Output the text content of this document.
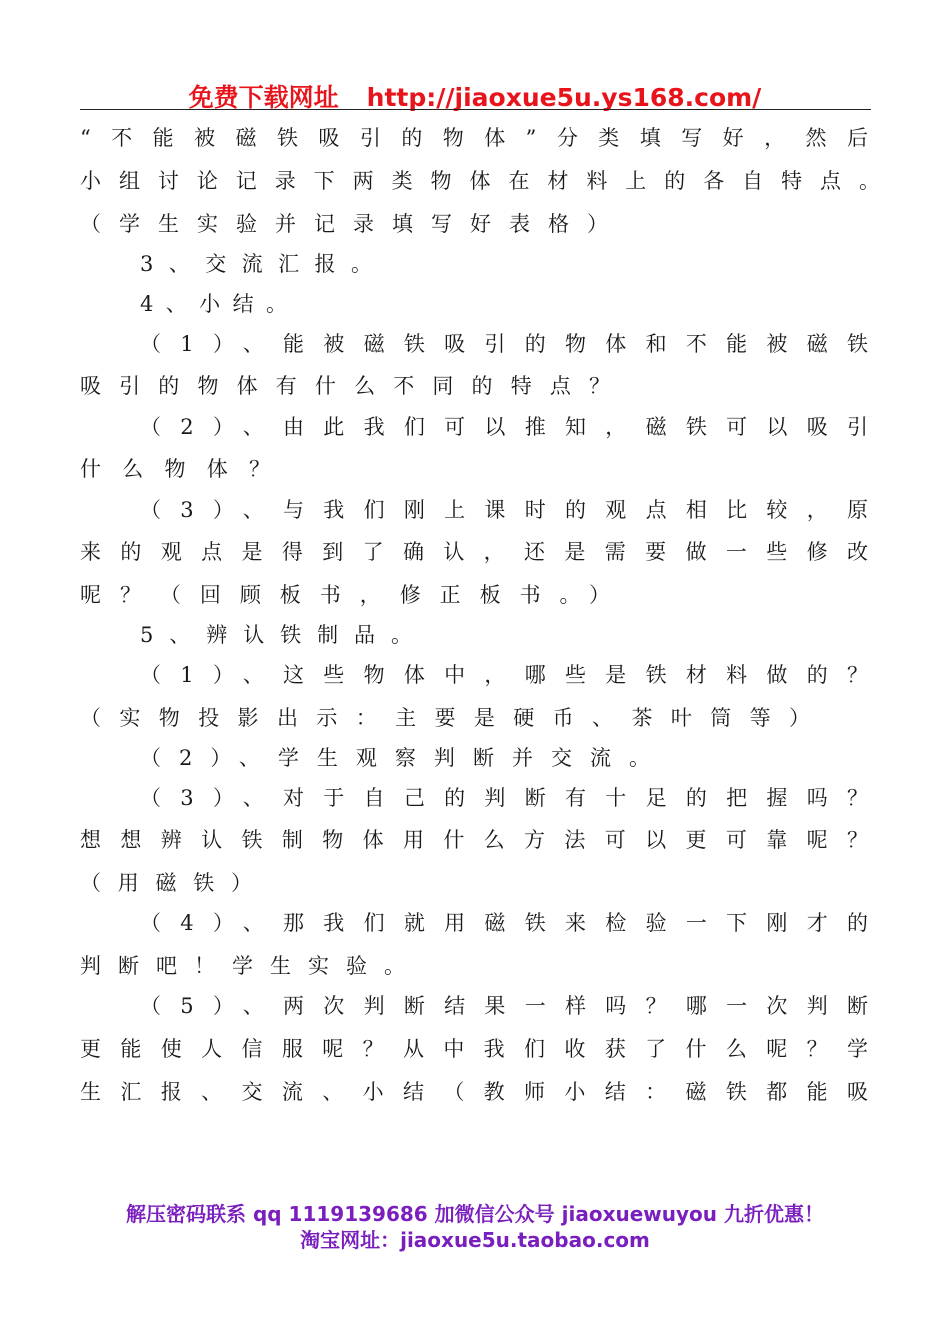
免费下载网址 http://jiaoxue5u.ys168.com/

“不能被磁铁吸引的物体”分类填写好，然后

小组讨论记录下两类物体在材料上的各自特点。

（学生实验并记录填写好表格）

3、交流汇报。

4、小结。

（1）、能被磁铁吸引的物体和不能被磁铁

吸引的物体有什么不同的特点？

（2）、由此我们可以推知，磁铁可以吸引

什么物体？

（3）、与我们刚上课时的观点相比较，原

来的观点是得到了确认，还是需要做一些修改

呢？（回顾板书，修正板书。）

5、辨认铁制品。

（1）、这些物体中，哪些是铁材料做的？

（实物投影出示：主要是硬币、茶叶筒等）

（2）、学生观察判断并交流。

（3）、对于自己的判断有十足的把握吗？

想想辨认铁制物体用什么方法可以更可靠呢？

（用磁铁）

（4）、那我们就用磁铁来检验一下刚才的

判断吧！学生实验。

（5）、两次判断结果一样吗？哪一次判断

更能使人信服呢？从中我们收获了什么呢？学

生汇报、交流、小结（教师小结：磁铁都能吸

解压密码联系 qq 1119139686 加微信公众号 jiaoxuewuyou 九折优惠！
淘宝网址：jiaoxue5u.taobao.com
